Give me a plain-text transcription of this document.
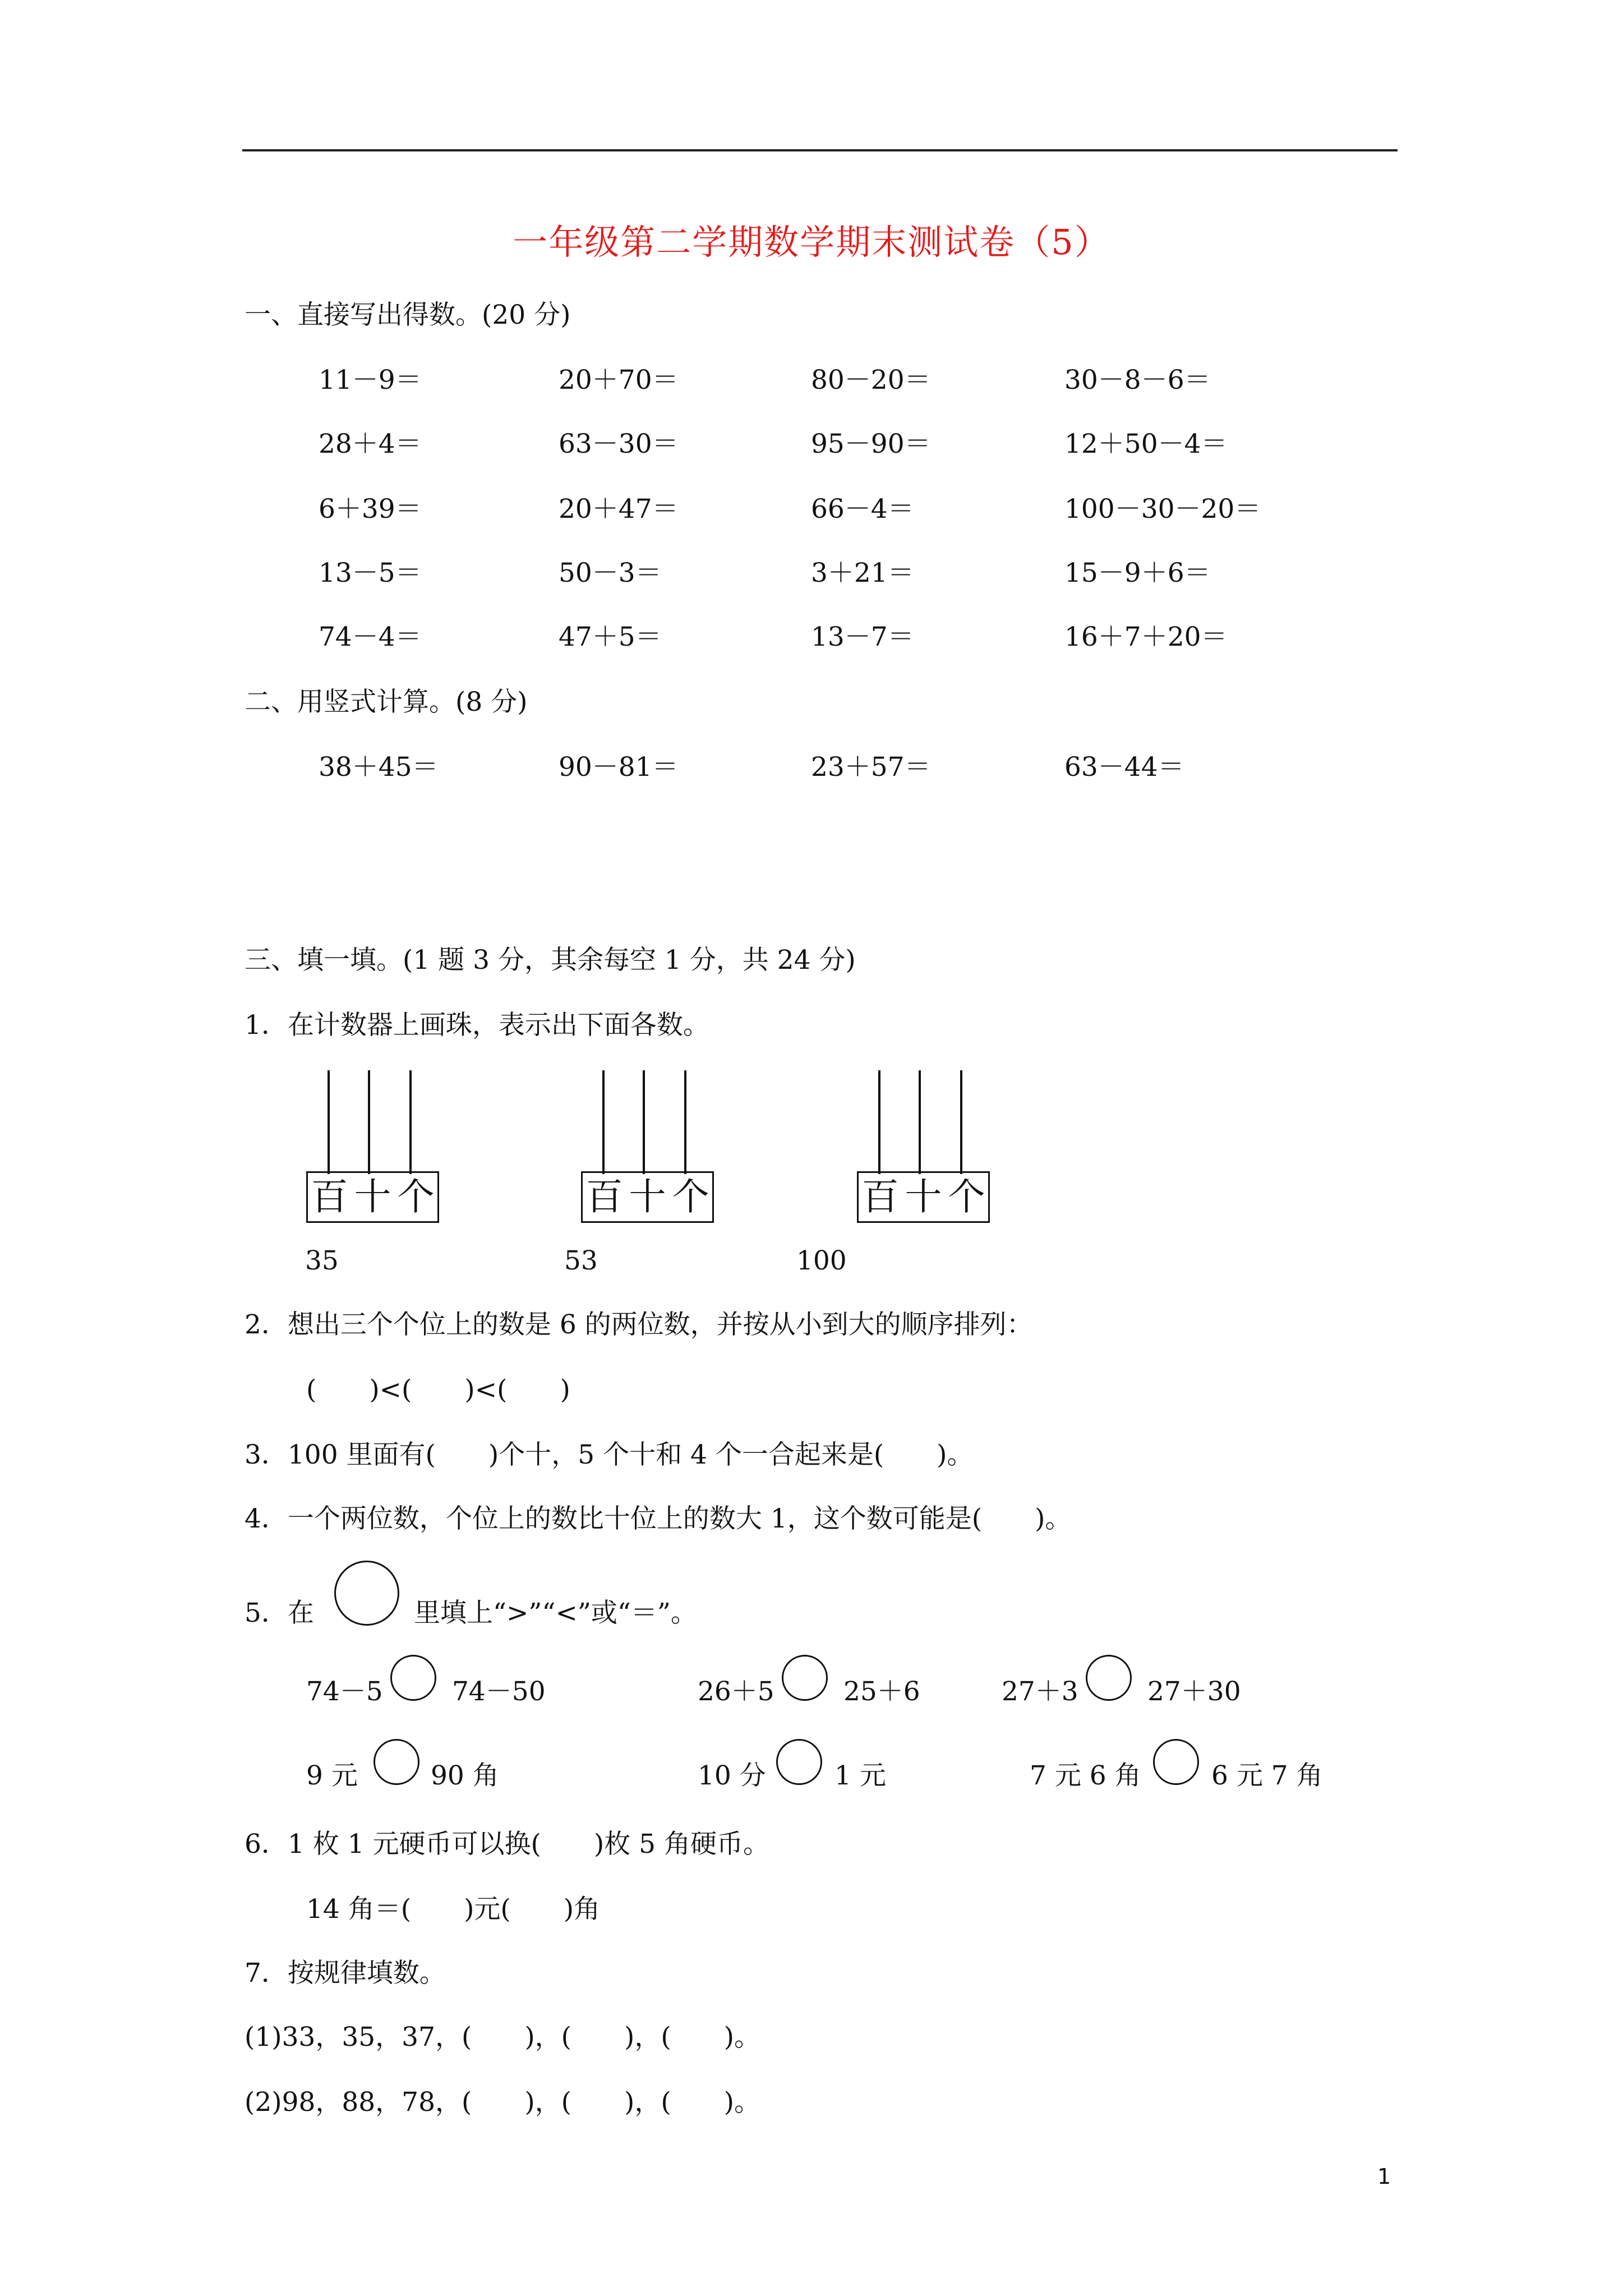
一年级第二学期数学期末测试卷（5）
一、直接写出得数。(20 分)
11－9＝	20＋70＝	80－20＝	30－8－6＝
28＋4＝	63－30＝	95－90＝	12＋50－4＝
6＋39＝	20＋47＝	66－4＝	100－30－20＝
13－5＝	50－3＝	3＋21＝	15－9＋6＝
74－4＝	47＋5＝	13－7＝	16＋7＋20＝
二、用竖式计算。(8 分)
38＋45＝	90－81＝	23＋57＝	63－44＝
三、填一填。(1 题 3 分，其余每空 1 分，共 24 分)
1．在计数器上画珠，表示出下面各数。
百 十 个	百 十 个	百 十 个
35	53	100
2．想出三个个位上的数是 6 的两位数，并按从小到大的顺序排列：
(　　)<(　　)<(　　)
3．100 里面有(　　)个十，5 个十和 4 个一合起来是(　　)。
4．一个两位数，个位上的数比十位上的数大 1，这个数可能是(　　)。
5．在	里填上“>”“<”或“＝”。
74－5	74－50	26＋5	25＋6	27＋3	27＋30
9 元	90 角	10 分	1 元	7 元 6 角	6 元 7 角
6．1 枚 1 元硬币可以换(　　)枚 5 角硬币。
14 角＝(　　)元(　　)角
7．按规律填数。
(1)33，35，37，(　　)，(　　)，(　　)。
(2)98，88，78，(　　)，(　　)，(　　)。
1
